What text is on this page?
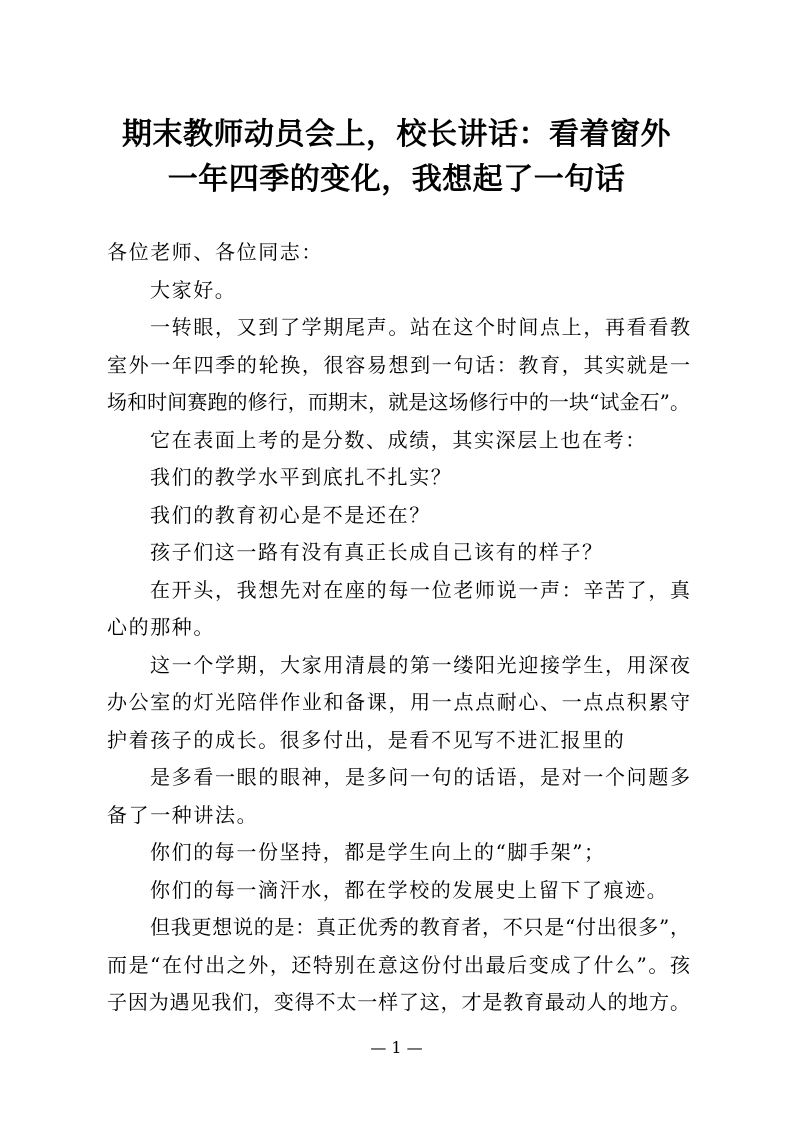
期末教师动员会上，校长讲话：看着窗外
一年四季的变化，我想起了一句话
各位老师、各位同志：
大家好。
一转眼，又到了学期尾声。站在这个时间点上，再看看教
室外一年四季的轮换，很容易想到一句话：教育，其实就是一
场和时间赛跑的修行，而期末，就是这场修行中的一块“试金石”。
它在表面上考的是分数、成绩，其实深层上也在考：
我们的教学水平到底扎不扎实？
我们的教育初心是不是还在？
孩子们这一路有没有真正长成自己该有的样子？
在开头，我想先对在座的每一位老师说一声：辛苦了，真
心的那种。
这一个学期，大家用清晨的第一缕阳光迎接学生，用深夜
办公室的灯光陪伴作业和备课，用一点点耐心、一点点积累守
护着孩子的成长。很多付出，是看不见写不进汇报里的
是多看一眼的眼神，是多问一句的话语，是对一个问题多
备了一种讲法。
你们的每一份坚持，都是学生向上的“脚手架”；
你们的每一滴汗水，都在学校的发展史上留下了痕迹。
但我更想说的是：真正优秀的教育者，不只是“付出很多”，
而是“在付出之外，还特别在意这份付出最后变成了什么”。孩
子因为遇见我们，变得不太一样了这，才是教育最动人的地方。
— 1 —
